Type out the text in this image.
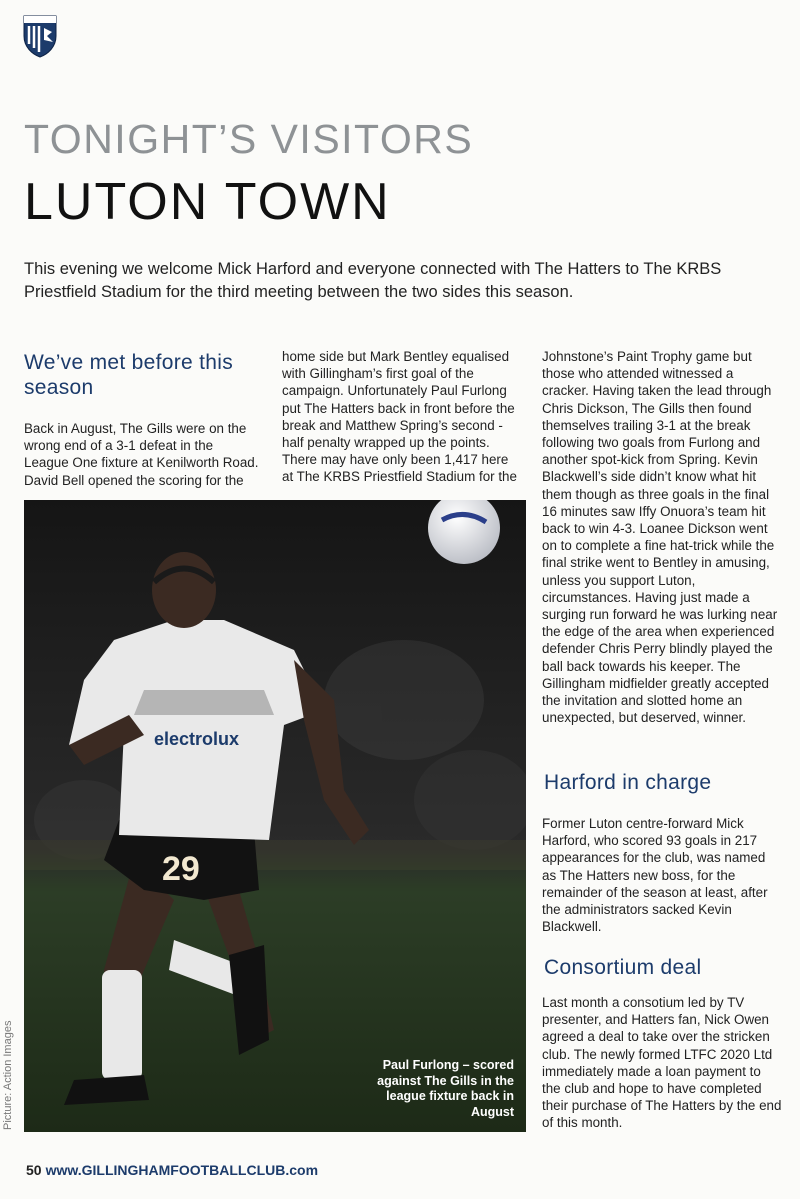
TONIGHT’S VISITORS
LUTON TOWN
This evening we welcome Mick Harford and everyone connected with The Hatters to The KRBS Priestfield Stadium for the third meeting between the two sides this season.
We’ve met before this season

Back in August, The Gills were on the wrong end of a 3-1 defeat in the League One fixture at Kenilworth Road. David Bell opened the scoring for the

home side but Mark Bentley equalised with Gillingham’s first goal of the campaign. Unfortunately Paul Furlong put The Hatters back in front before the break and Matthew Spring’s second -half penalty wrapped up the points. There may have only been 1,417 here at The KRBS Priestfield Stadium for the

Johnstone’s Paint Trophy game but those who attended witnessed a cracker. Having taken the lead through Chris Dickson, The Gills then found themselves trailing 3-1 at the break following two goals from Furlong and another spot-kick from Spring. Kevin Blackwell’s side didn’t know what hit them though as three goals in the final 16 minutes saw Iffy Onuora’s team hit back to win 4-3. Loanee Dickson went on to complete a fine hat-trick while the final strike went to Bentley in amusing, unless you support Luton, circumstances. Having just made a surging run forward he was lurking near the edge of the area when experienced defender Chris Perry blindly played the ball back towards his keeper. The Gillingham midfielder greatly accepted the invitation and slotted home an unexpected, but deserved, winner.

Harford in charge

Former Luton centre-forward Mick Harford, who scored 93 goals in 217 appearances for the club, was named as The Hatters new boss, for the remainder of the season at least, after the administrators sacked Kevin Blackwell.

Consortium deal

Last month a consotium led by TV presenter, and Hatters fan, Nick Owen agreed a deal to take over the stricken club. The newly formed LTFC 2020 Ltd immediately made a loan payment to the club and hope to have completed their purchase of The Hatters by the end of this month.

electrolux
29
Paul Furlong – scored against The Gills in the league fixture back in August
Picture: Action Images
50 www.GILLINGHAMFOOTBALLCLUB.com
